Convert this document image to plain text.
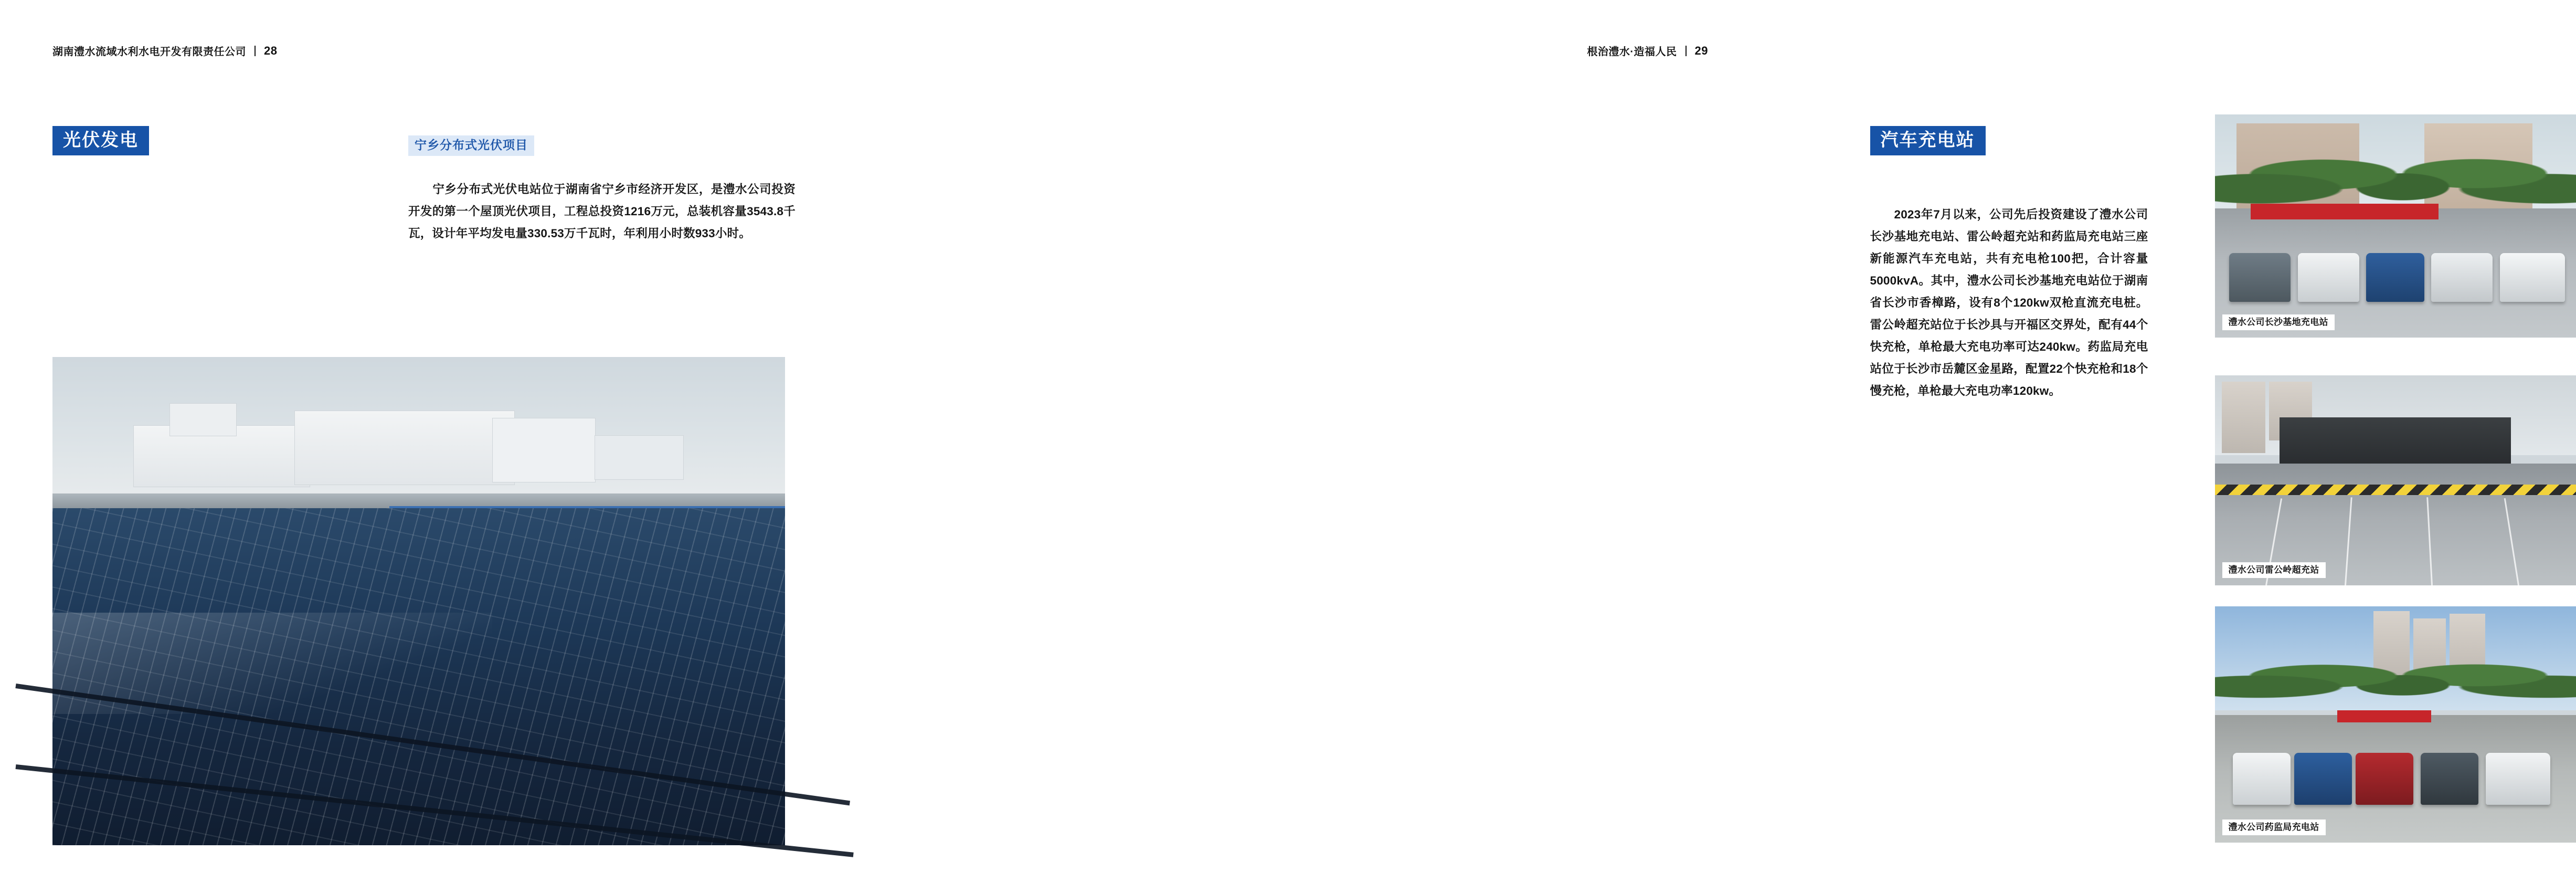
湖南澧水流域水利水电开发有限责任公司 28
光伏发电	宁乡分布式光伏项目
宁乡分布式光伏电站位于湖南省宁乡市经济开发区，是澧水公司投资开发的第一个屋顶光伏项目，工程总投资1216万元，总装机容量3543.8千瓦，设计年平均发电量330.53万千瓦时，年利用小时数933小时。
根治澧水·造福人民 29
汽车充电站
2023年7月以来，公司先后投资建设了澧水公司长沙基地充电站、雷公岭超充站和药监局充电站三座新能源汽车充电站，共有充电枪100把，合计容量5000kvA。其中，澧水公司长沙基地充电站位于湖南省长沙市香樟路，设有8个120kw双枪直流充电桩。雷公岭超充站位于长沙具与开福区交界处，配有44个快充枪，单枪最大充电功率可达240kw。药监局充电站位于长沙市岳麓区金星路，配置22个快充枪和18个慢充枪，单枪最大充电功率120kw。
澧水公司长沙基地充电站
澧水公司雷公岭超充站
澧水公司药监局充电站
